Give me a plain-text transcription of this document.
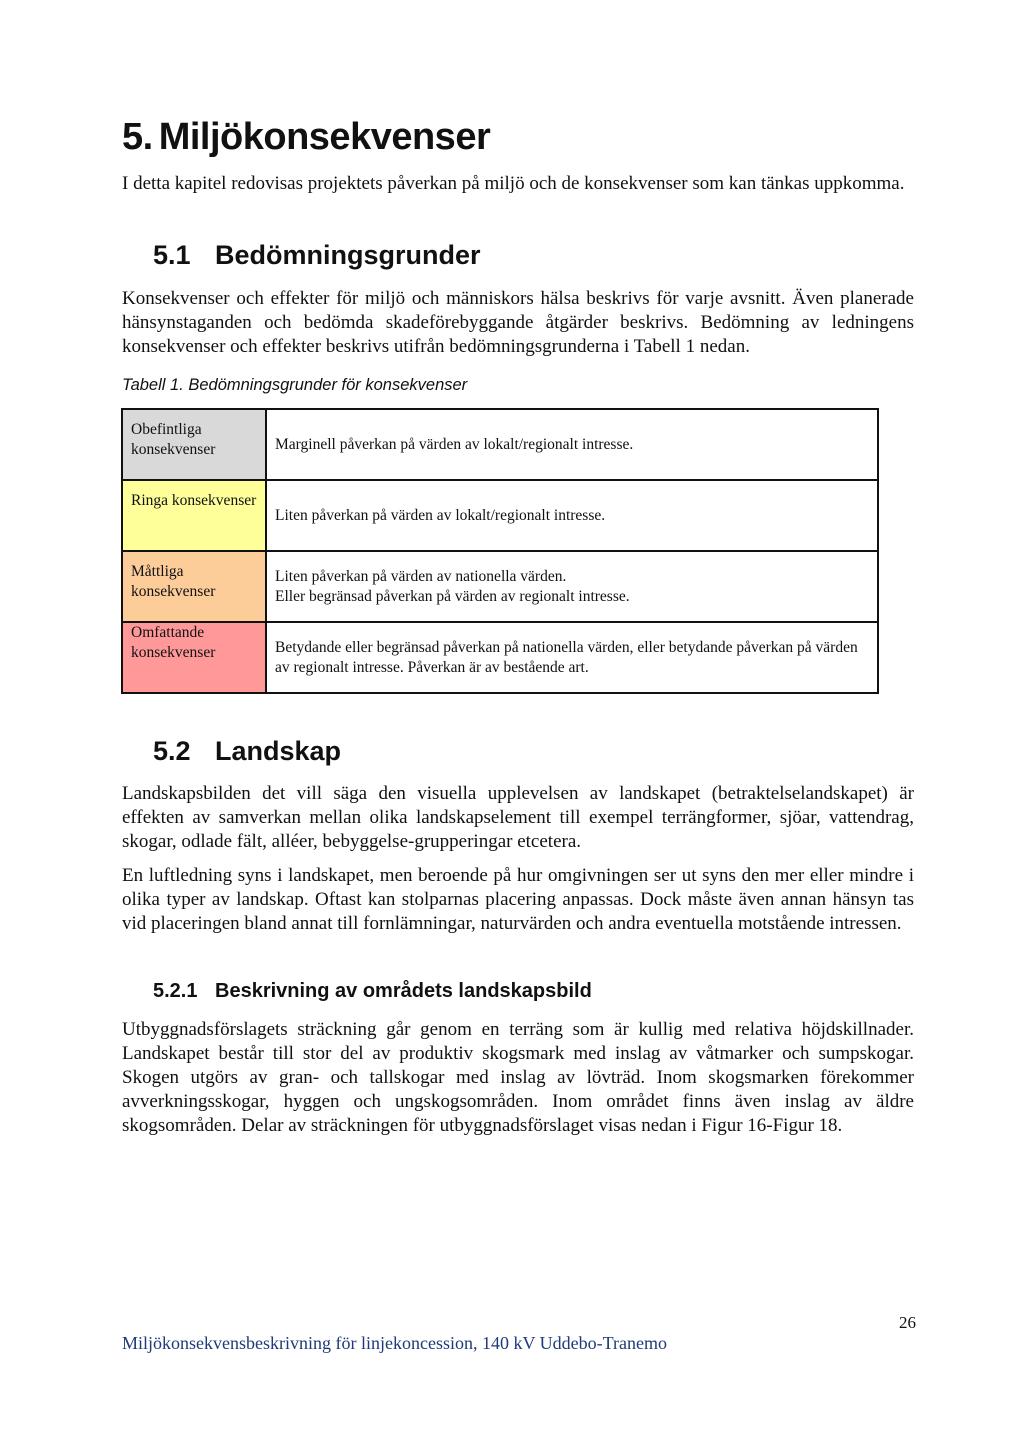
5. Miljökonsekvenser

I detta kapitel redovisas projektets påverkan på miljö och de konsekvenser som kan tänkas uppkomma.

5.1 Bedömningsgrunder

Konsekvenser och effekter för miljö och människors hälsa beskrivs för varje avsnitt. Även planerade hänsynstaganden och bedömda skadeförebyggande åtgärder beskrivs. Bedömning av ledningens konsekvenser och effekter beskrivs utifrån bedömningsgrunderna i Tabell 1 nedan.

Tabell 1. Bedömningsgrunder för konsekvenser

Obefintliga konsekvenser	Marginell påverkan på värden av lokalt/regionalt intresse.
Ringa konsekvenser	Liten påverkan på värden av lokalt/regionalt intresse.
Måttliga konsekvenser	Liten påverkan på värden av nationella värden.
Eller begränsad påverkan på värden av regionalt intresse.

Omfattande konsekvenser	Betydande eller begränsad påverkan på nationella värden, eller betydande påverkan på värden av regionalt intresse. Påverkan är av bestående art.
5.2 Landskap

Landskapsbilden det vill säga den visuella upplevelsen av landskapet (betraktelselandskapet) är effekten av samverkan mellan olika landskapselement till exempel terrängformer, sjöar, vattendrag, skogar, odlade fält, alléer, bebyggelse-grupperingar etcetera.

En luftledning syns i landskapet, men beroende på hur omgivningen ser ut syns den mer eller mindre i olika typer av landskap. Oftast kan stolparnas placering anpassas. Dock måste även annan hänsyn tas vid placeringen bland annat till fornlämningar, naturvärden och andra eventuella motstående intressen.

5.2.1 Beskrivning av områdets landskapsbild

Utbyggnadsförslagets sträckning går genom en terräng som är kullig med relativa höjdskillnader. Landskapet består till stor del av produktiv skogsmark med inslag av våtmarker och sumpskogar. Skogen utgörs av gran- och tallskogar med inslag av lövträd. Inom skogsmarken förekommer avverkningsskogar, hyggen och ungskogsområden. Inom området finns även inslag av äldre skogsområden. Delar av sträckningen för utbyggnadsförslaget visas nedan i Figur 16-Figur 18.

26
Miljökonsekvensbeskrivning för linjekoncession, 140 kV Uddebo-Tranemo
